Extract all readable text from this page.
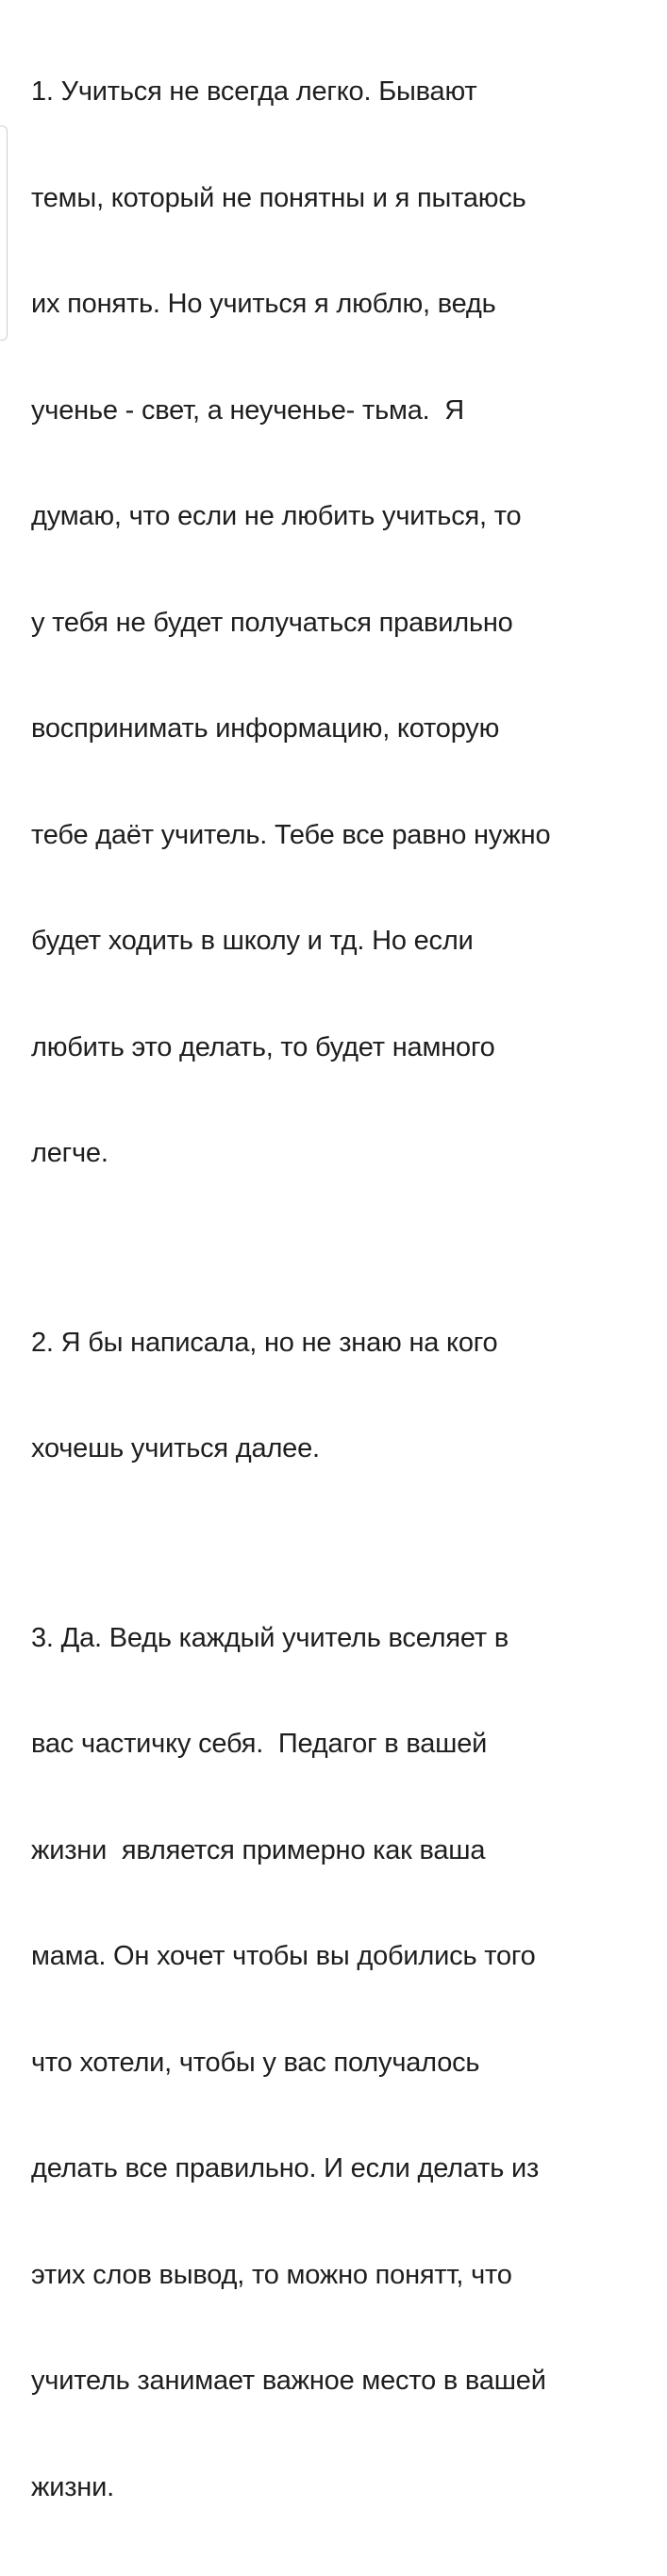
1. Учиться не всегда легко. Бывают

темы, который не понятны и я пытаюсь

их понять. Но учиться я люблю, ведь

ученье - свет, а неученье- тьма.  Я

думаю, что если не любить учиться, то

у тебя не будет получаться правильно

воспринимать информацию, которую

тебе даёт учитель. Тебе все равно нужно

будет ходить в школу и тд. Но если

любить это делать, то будет намного

легче.

2. Я бы написала, но не знаю на кого

хочешь учиться далее.

3. Да. Ведь каждый учитель вселяет в

вас частичку себя.  Педагог в вашей

жизни  является примерно как ваша

мама. Он хочет чтобы вы добились того

что хотели, чтобы у вас получалось

делать все правильно. И если делать из

этих слов вывод, то можно понятт, что

учитель занимает важное место в вашей

жизни.
